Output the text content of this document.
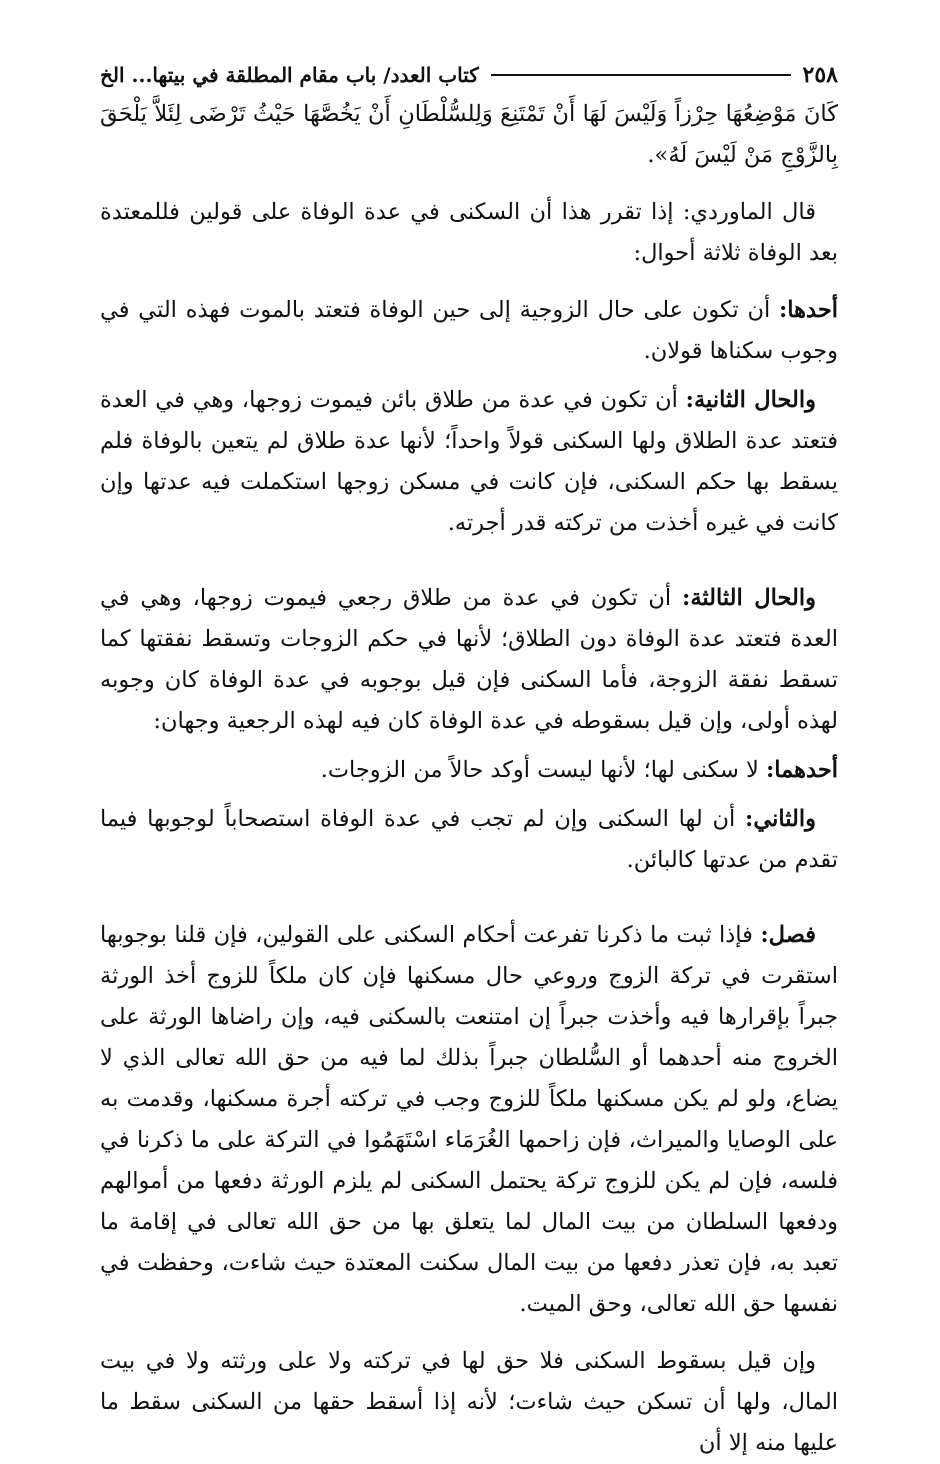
٢٥٨
كتاب العدد/ باب مقام المطلقة في بيتها... الخ

كَانَ مَوْضِعُهَا حِرْزاً وَلَيْسَ لَهَا أَنْ تَمْتَنِعَ وَلِلسُّلْطَانِ أَنْ يَخُصَّهَا حَيْثُ تَرْضَى لِئَلاَّ يَلْحَقَ بِالزَّوْجِ مَنْ لَيْسَ لَهُ».

قال الماوردي: إذا تقرر هذا أن السكنى في عدة الوفاة على قولين فللمعتدة بعد الوفاة ثلاثة أحوال:

أحدها: أن تكون على حال الزوجية إلى حين الوفاة فتعتد بالموت فهذه التي في وجوب سكناها قولان.

والحال الثانية: أن تكون في عدة من طلاق بائن فيموت زوجها، وهي في العدة فتعتد عدة الطلاق ولها السكنى قولاً واحداً؛ لأنها عدة طلاق لم يتعين بالوفاة فلم يسقط بها حكم السكنى، فإن كانت في مسكن زوجها استكملت فيه عدتها وإن كانت في غيره أخذت من تركته قدر أجرته.

والحال الثالثة: أن تكون في عدة من طلاق رجعي فيموت زوجها، وهي في العدة فتعتد عدة الوفاة دون الطلاق؛ لأنها في حكم الزوجات وتسقط نفقتها كما تسقط نفقة الزوجة، فأما السكنى فإن قيل بوجوبه في عدة الوفاة كان وجوبه لهذه أولى، وإن قيل بسقوطه في عدة الوفاة كان فيه لهذه الرجعية وجهان:

أحدهما: لا سكنى لها؛ لأنها ليست أوكد حالاً من الزوجات.

والثاني: أن لها السكنى وإن لم تجب في عدة الوفاة استصحاباً لوجوبها فيما تقدم من عدتها كالبائن.

فصل: فإذا ثبت ما ذكرنا تفرعت أحكام السكنى على القولين، فإن قلنا بوجوبها استقرت في تركة الزوج وروعي حال مسكنها فإن كان ملكاً للزوج أخذ الورثة جبراً بإقرارها فيه وأخذت جبراً إن امتنعت بالسكنى فيه، وإن راضاها الورثة على الخروج منه أحدهما أو السُّلطان جبراً بذلك لما فيه من حق الله تعالى الذي لا يضاع، ولو لم يكن مسكنها ملكاً للزوج وجب في تركته أجرة مسكنها، وقدمت به على الوصايا والميراث، فإن زاحمها الغُرَمَاء اسْتَهَمُوا في التركة على ما ذكرنا في فلسه، فإن لم يكن للزوج تركة يحتمل السكنى لم يلزم الورثة دفعها من أموالهم ودفعها السلطان من بيت المال لما يتعلق بها من حق الله تعالى في إقامة ما تعبد به، فإن تعذر دفعها من بيت المال سكنت المعتدة حيث شاءت، وحفظت في نفسها حق الله تعالى، وحق الميت.

وإن قيل بسقوط السكنى فلا حق لها في تركته ولا على ورثته ولا في بيت المال، ولها أن تسكن حيث شاءت؛ لأنه إذا أسقط حقها من السكنى سقط ما عليها منه إلا أن
